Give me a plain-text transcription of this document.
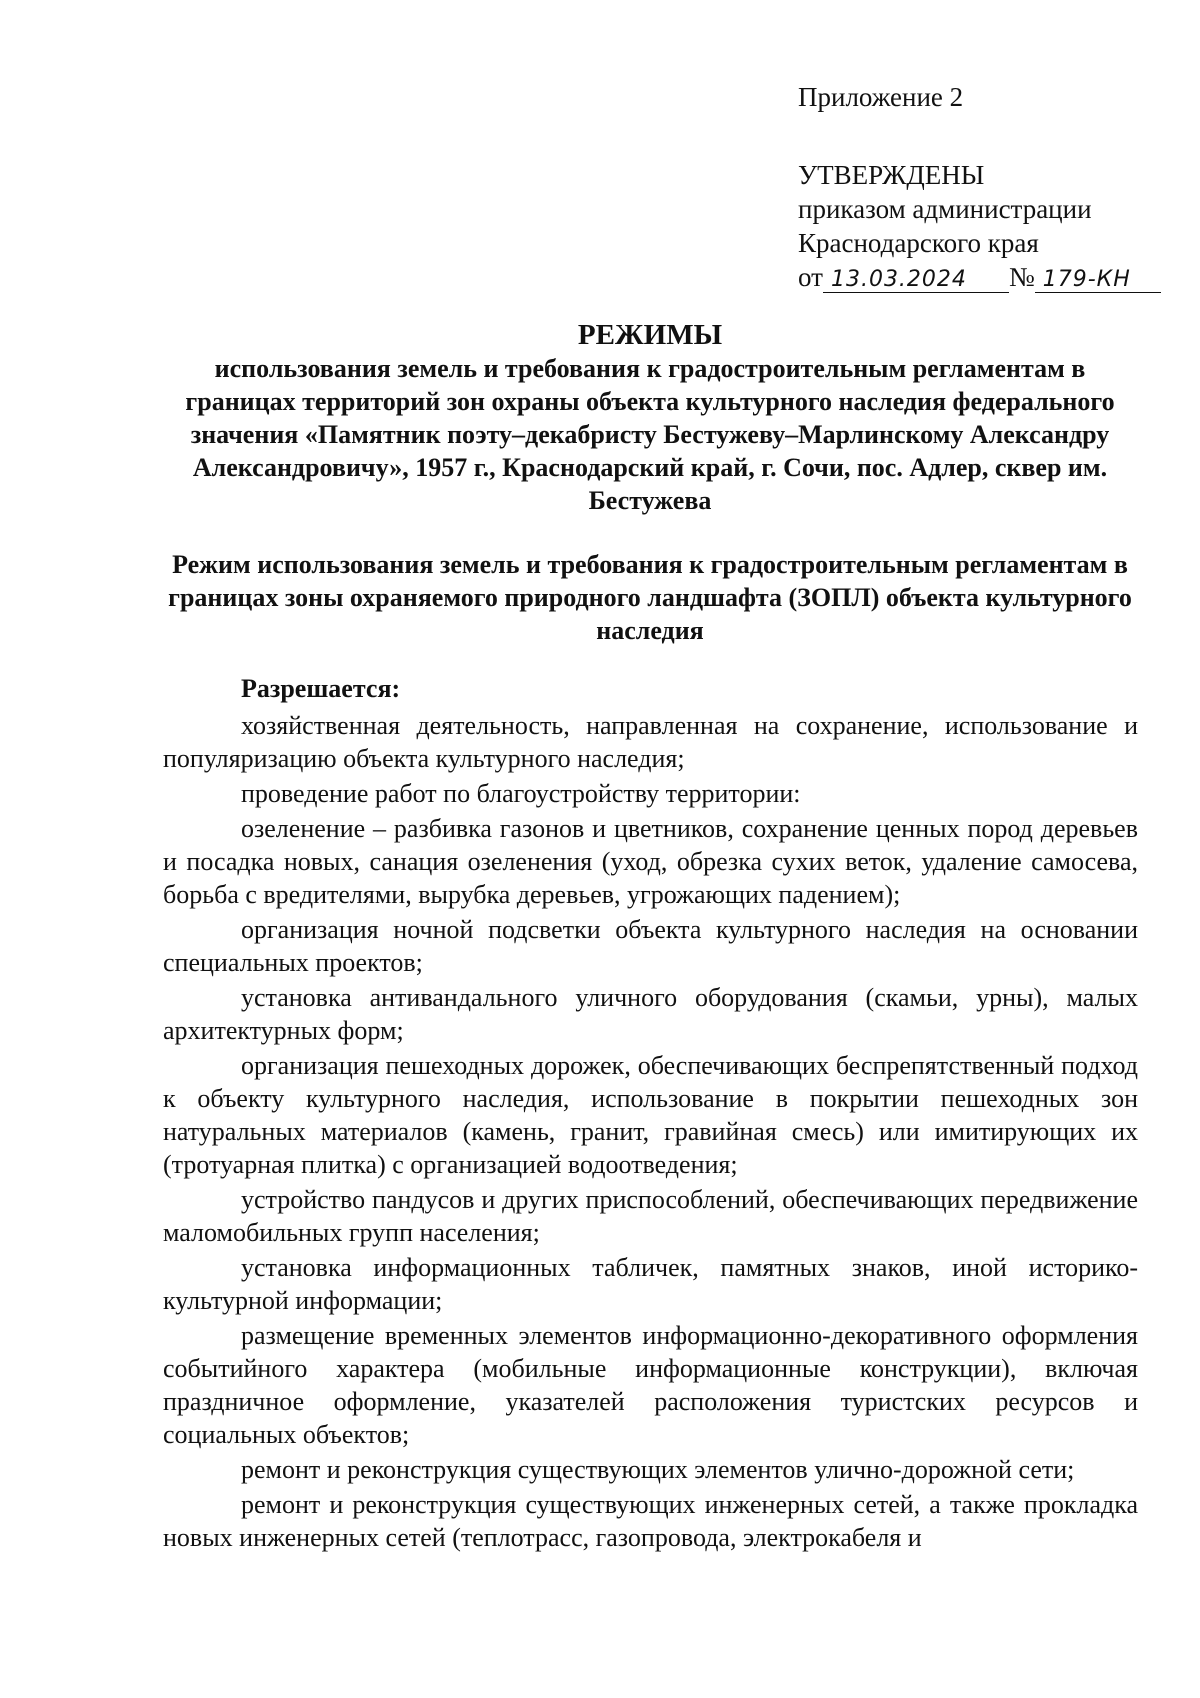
Приложение 2
УТВЕРЖДЕНЫ
приказом администрации
Краснодарского края
от 13.03.2024 № 179-КН

РЕЖИМЫ

использования земель и требования к градостроительным регламентам в границах территорий зон охраны объекта культурного наследия федерального значения «Памятник поэту–декабристу Бестужеву–Марлинскому Александру Александровичу», 1957 г., Краснодарский край, г. Сочи, пос. Адлер, сквер им. Бестужева

Режим использования земель и требования к градостроительным регламентам в границах зоны охраняемого природного ландшафта (ЗОПЛ) объекта культурного наследия

Разрешается:

хозяйственная деятельность, направленная на сохранение, использование и популяризацию объекта культурного наследия;

проведение работ по благоустройству территории:

озеленение – разбивка газонов и цветников, сохранение ценных пород деревьев и посадка новых, санация озеленения (уход, обрезка сухих веток, удаление самосева, борьба с вредителями, вырубка деревьев, угрожающих падением);

организация ночной подсветки объекта культурного наследия на основании специальных проектов;

установка антивандального уличного оборудования (скамьи, урны), малых архитектурных форм;

организация пешеходных дорожек, обеспечивающих беспрепятственный подход к объекту культурного наследия, использование в покрытии пешеходных зон натуральных материалов (камень, гранит, гравийная смесь) или имитирующих их (тротуарная плитка) с организацией водоотведения;

устройство пандусов и других приспособлений, обеспечивающих передвижение маломобильных групп населения;

установка информационных табличек, памятных знаков, иной историко-культурной информации;

размещение временных элементов информационно-декоративного оформления событийного характера (мобильные информационные конструкции), включая праздничное оформление, указателей расположения туристских ресурсов и социальных объектов;

ремонт и реконструкция существующих элементов улично-дорожной сети;

ремонт и реконструкция существующих инженерных сетей, а также прокладка новых инженерных сетей (теплотрасс, газопровода, электрокабеля и
